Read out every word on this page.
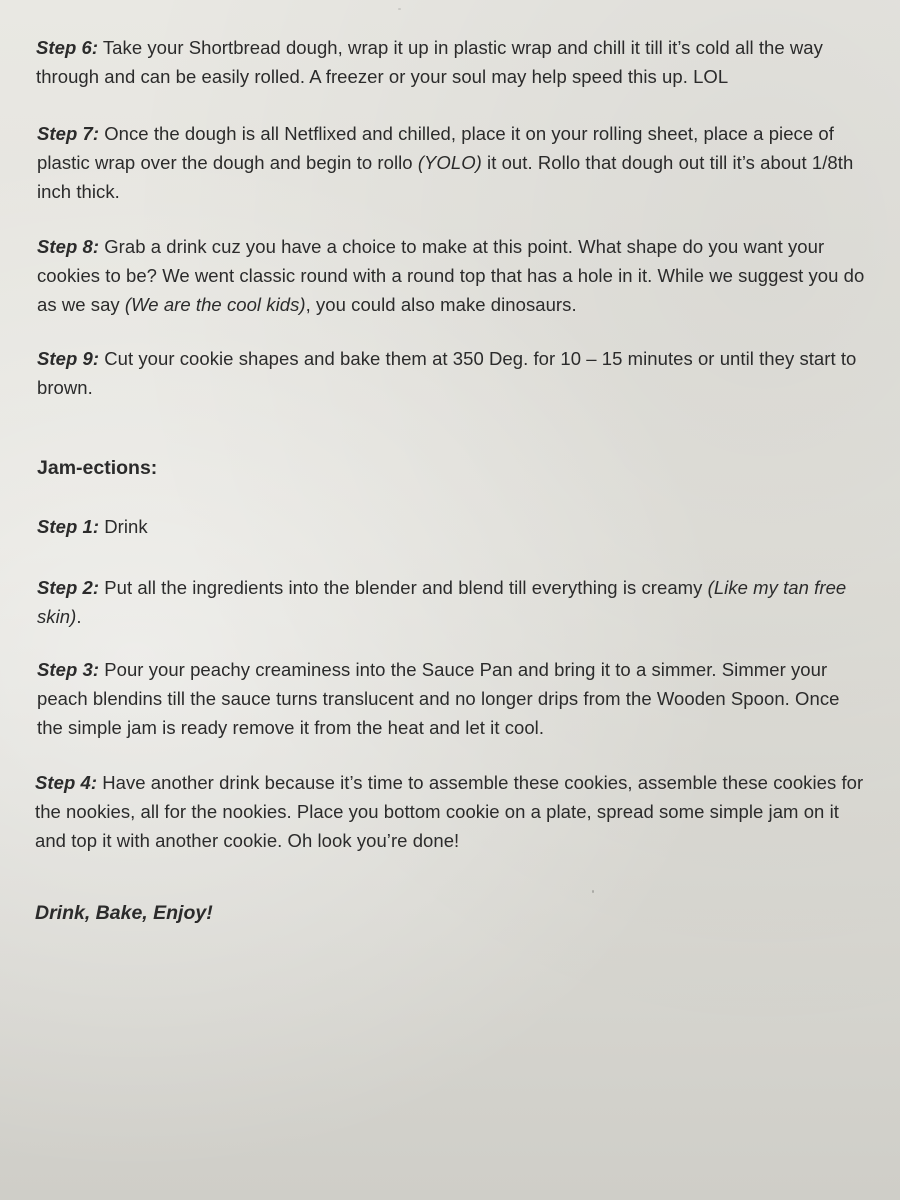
Step 6: Take your Shortbread dough, wrap it up in plastic wrap and chill it till it’s cold all the way through and can be easily rolled. A freezer or your soul may help speed this up. LOL

Step 7: Once the dough is all Netflixed and chilled, place it on your rolling sheet, place a piece of plastic wrap over the dough and begin to rollo (YOLO) it out. Rollo that dough out till it’s about 1/8th inch thick.

Step 8: Grab a drink cuz you have a choice to make at this point. What shape do you want your cookies to be? We went classic round with a round top that has a hole in it. While we suggest you do as we say (We are the cool kids), you could also make dinosaurs.

Step 9: Cut your cookie shapes and bake them at 350 Deg. for 10 – 15 minutes or until they start to brown.

Jam-ections:

Step 1: Drink

Step 2: Put all the ingredients into the blender and blend till everything is creamy (Like my tan free skin).

Step 3: Pour your peachy creaminess into the Sauce Pan and bring it to a simmer. Simmer your peach blendins till the sauce turns translucent and no longer drips from the Wooden Spoon. Once the simple jam is ready remove it from the heat and let it cool.

Step 4: Have another drink because it’s time to assemble these cookies, assemble these cookies for the nookies, all for the nookies. Place you bottom cookie on a plate, spread some simple jam on it and top it with another cookie. Oh look you’re done!

Drink, Bake, Enjoy!
